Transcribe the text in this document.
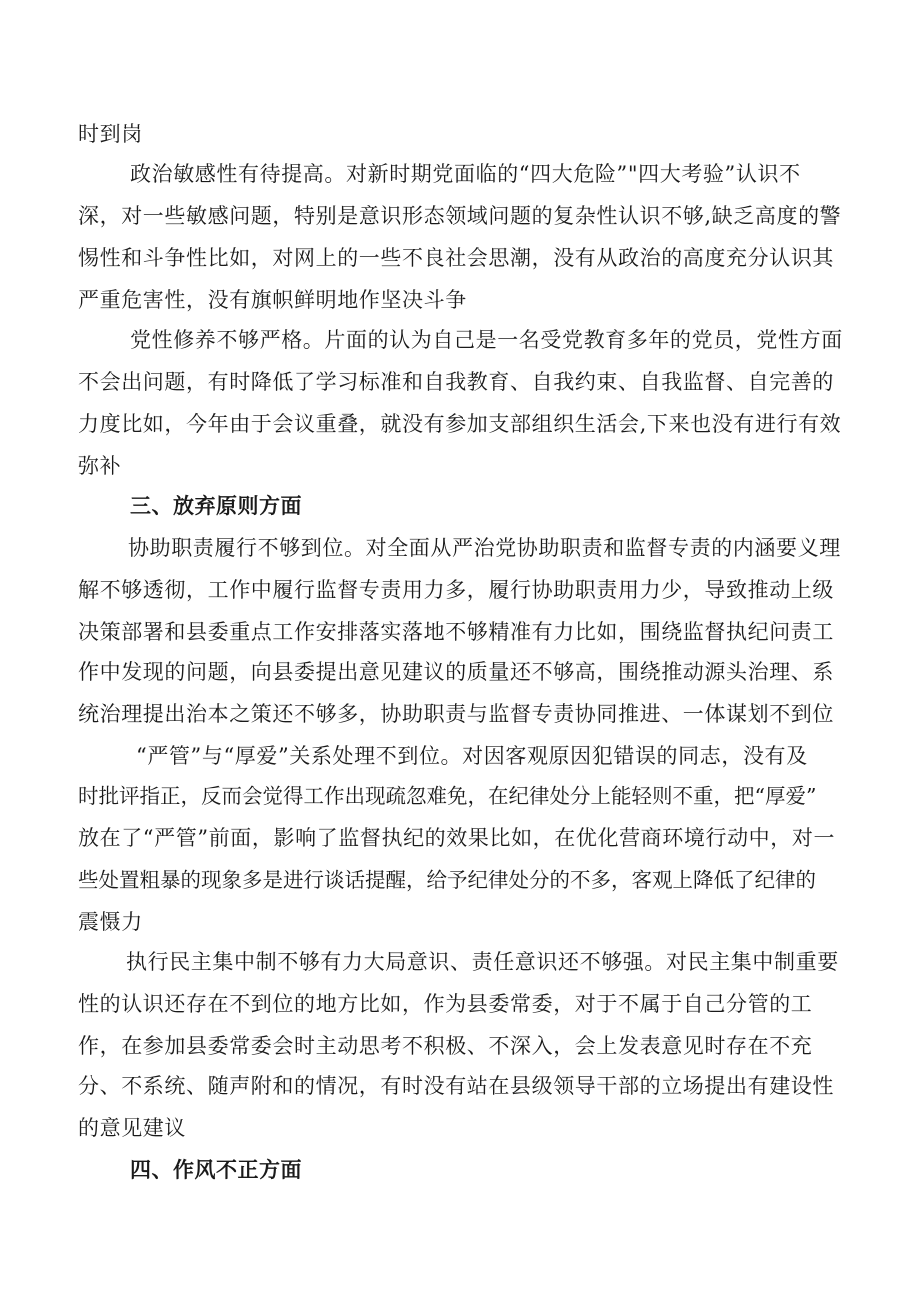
时到岗
政治敏感性有待提高。对新时期党面临的“四大危险”"四大考验”认识不
深，对一些敏感问题，特别是意识形态领域问题的复杂性认识不够,缺乏高度的警
惕性和斗争性比如，对网上的一些不良社会思潮，没有从政治的高度充分认识其
严重危害性，没有旗帜鲜明地作坚决斗争
党性修养不够严格。片面的认为自己是一名受党教育多年的党员，党性方面
不会出问题，有时降低了学习标准和自我教育、自我约束、自我监督、自完善的
力度比如，今年由于会议重叠，就没有参加支部组织生活会,下来也没有进行有效
弥补
三、放弃原则方面
协助职责履行不够到位。对全面从严治党协助职责和监督专责的内涵要义理
解不够透彻，工作中履行监督专责用力多，履行协助职责用力少，导致推动上级
决策部署和县委重点工作安排落实落地不够精准有力比如，围绕监督执纪问责工
作中发现的问题，向县委提出意见建议的质量还不够高，围绕推动源头治理、系
统治理提出治本之策还不够多，协助职责与监督专责协同推进、一体谋划不到位
“严管”与“厚爱”关系处理不到位。对因客观原因犯错误的同志，没有及
时批评指正，反而会觉得工作出现疏忽难免，在纪律处分上能轻则不重，把“厚爱”
放在了“严管”前面，影响了监督执纪的效果比如，在优化营商环境行动中，对一
些处置粗暴的现象多是进行谈话提醒，给予纪律处分的不多，客观上降低了纪律的
震慑力
执行民主集中制不够有力大局意识、责任意识还不够强。对民主集中制重要
性的认识还存在不到位的地方比如，作为县委常委，对于不属于自己分管的工
作，在参加县委常委会时主动思考不积极、不深入，会上发表意见时存在不充
分、不系统、随声附和的情况，有时没有站在县级领导干部的立场提出有建设性
的意见建议
四、作风不正方面
